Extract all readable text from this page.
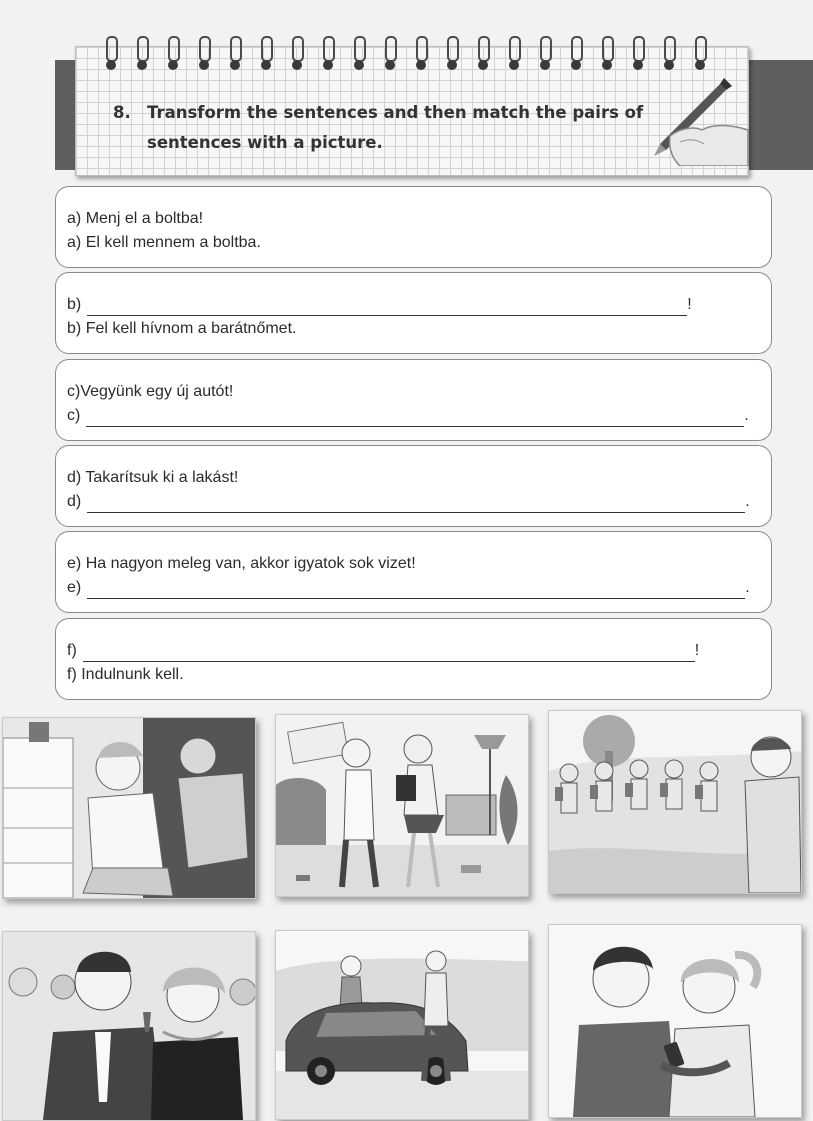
8. Transform the sentences and then match the pairs of
sentences with a picture.
a) Menj el a boltba!
a) El kell mennem a boltba.
b)	!
b) Fel kell hívnom a barátnőmet.
c)Vegyünk egy új autót!
c)	.
d) Takarítsuk ki a lakást!
d)	.
e) Ha nagyon meleg van, akkor igyatok sok vizet!
e)	.
f)	!
f) Indulnunk kell.
